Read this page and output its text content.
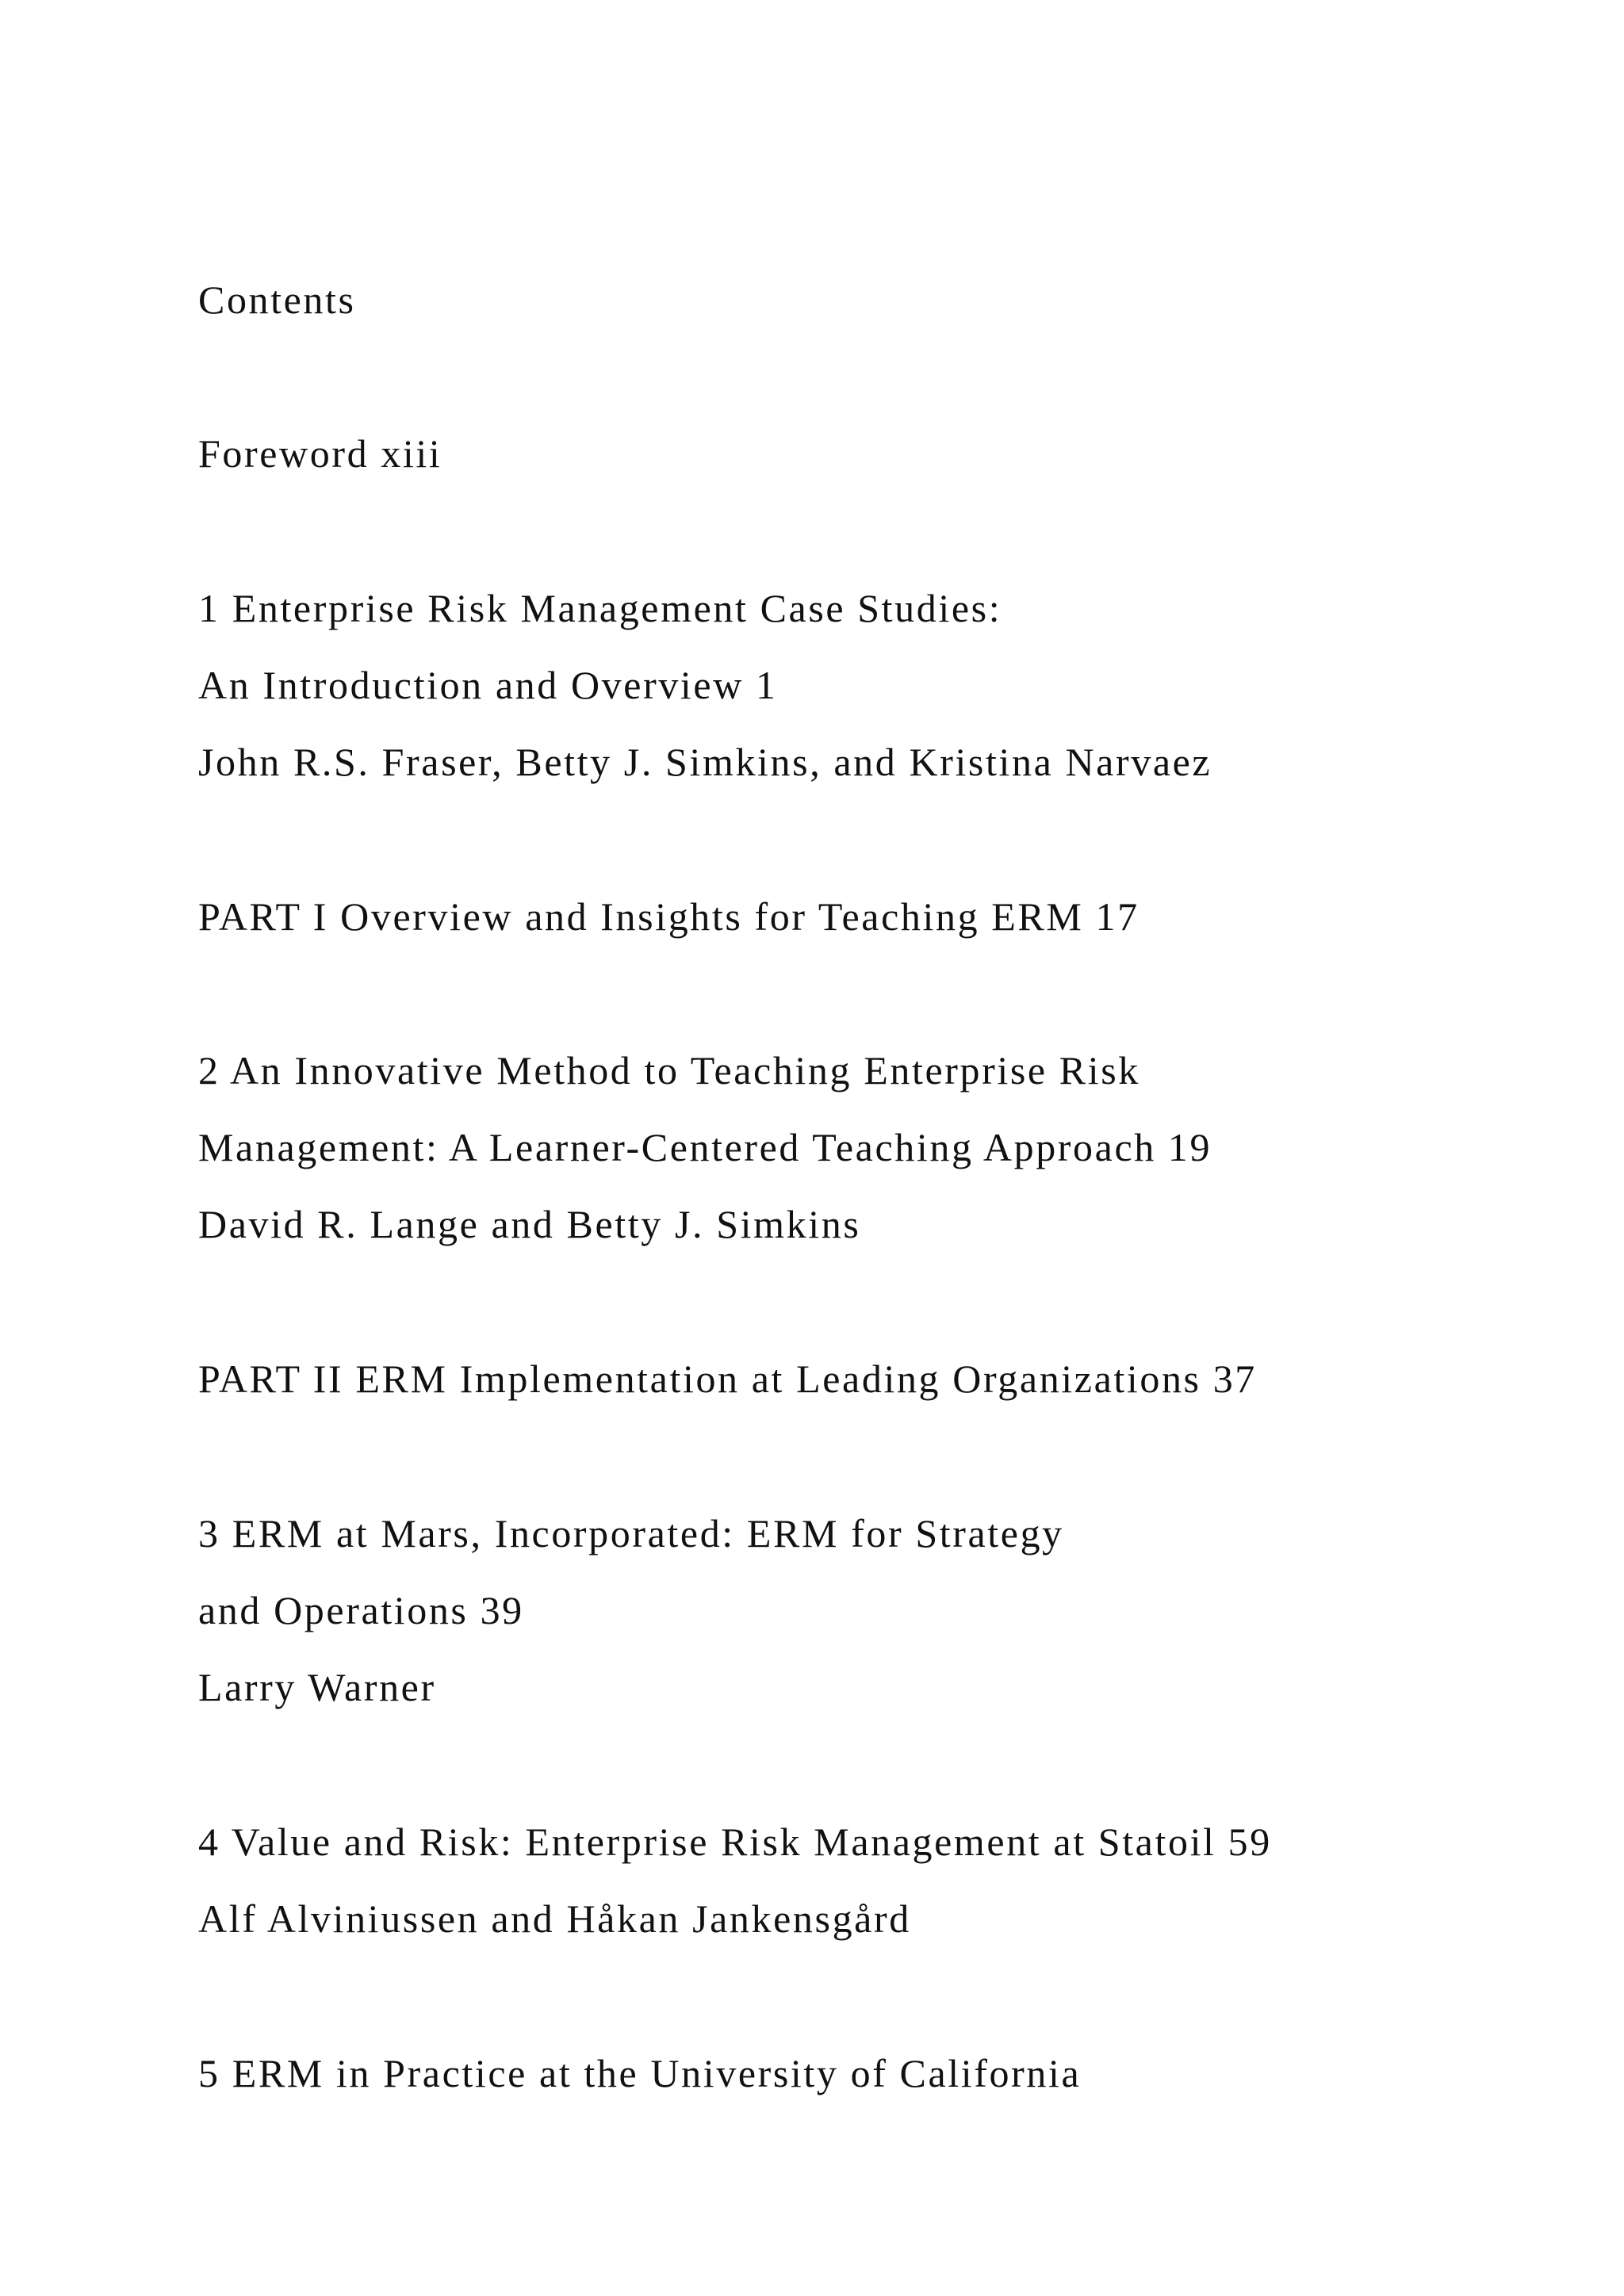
Contents

Foreword xiii

1 Enterprise Risk Management Case Studies:

An Introduction and Overview 1

John R.S. Fraser, Betty J. Simkins, and Kristina Narvaez

PART I Overview and Insights for Teaching ERM 17

2 An Innovative Method to Teaching Enterprise Risk

Management: A Learner-Centered Teaching Approach 19

David R. Lange and Betty J. Simkins

PART II ERM Implementation at Leading Organizations 37

3 ERM at Mars, Incorporated: ERM for Strategy

and Operations 39

Larry Warner

4 Value and Risk: Enterprise Risk Management at Statoil 59

Alf Alviniussen and Håkan Jankensgård

5 ERM in Practice at the University of California
